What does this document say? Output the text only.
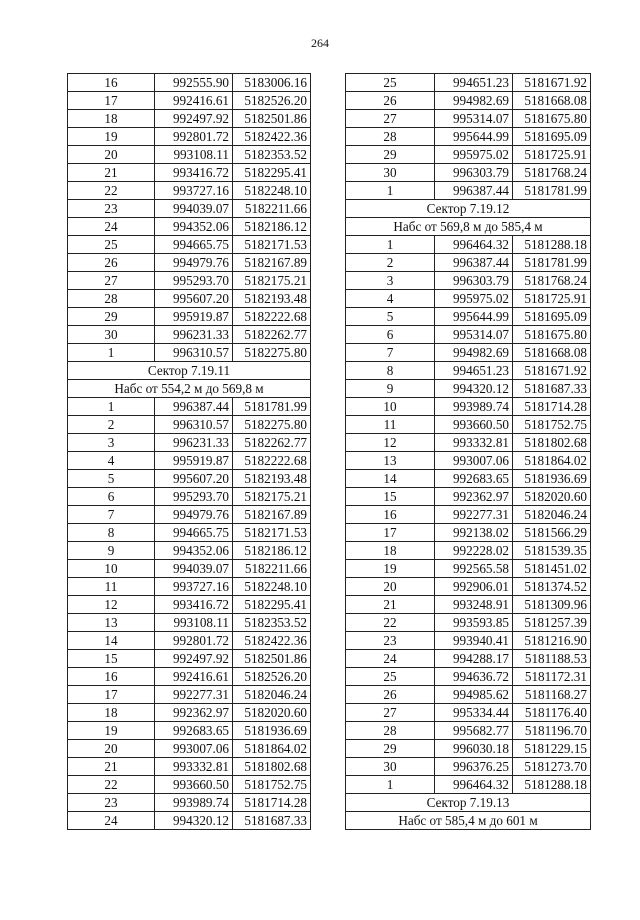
264
16	992555.90	5183006.16
17	992416.61	5182526.20
18	992497.92	5182501.86
19	992801.72	5182422.36
20	993108.11	5182353.52
21	993416.72	5182295.41
22	993727.16	5182248.10
23	994039.07	5182211.66
24	994352.06	5182186.12
25	994665.75	5182171.53
26	994979.76	5182167.89
27	995293.70	5182175.21
28	995607.20	5182193.48
29	995919.87	5182222.68
30	996231.33	5182262.77
1	996310.57	5182275.80
Сектор 7.19.11		
Набс от 554,2 м до 569,8 м		
1	996387.44	5181781.99
2	996310.57	5182275.80
3	996231.33	5182262.77
4	995919.87	5182222.68
5	995607.20	5182193.48
6	995293.70	5182175.21
7	994979.76	5182167.89
8	994665.75	5182171.53
9	994352.06	5182186.12
10	994039.07	5182211.66
11	993727.16	5182248.10
12	993416.72	5182295.41
13	993108.11	5182353.52
14	992801.72	5182422.36
15	992497.92	5182501.86
16	992416.61	5182526.20
17	992277.31	5182046.24
18	992362.97	5182020.60
19	992683.65	5181936.69
20	993007.06	5181864.02
21	993332.81	5181802.68
22	993660.50	5181752.75
23	993989.74	5181714.28
24	994320.12	5181687.33
25	994651.23	5181671.92
26	994982.69	5181668.08
27	995314.07	5181675.80
28	995644.99	5181695.09
29	995975.02	5181725.91
30	996303.79	5181768.24
1	996387.44	5181781.99
Сектор 7.19.12		
Набс от 569,8 м до 585,4 м		
1	996464.32	5181288.18
2	996387.44	5181781.99
3	996303.79	5181768.24
4	995975.02	5181725.91
5	995644.99	5181695.09
6	995314.07	5181675.80
7	994982.69	5181668.08
8	994651.23	5181671.92
9	994320.12	5181687.33
10	993989.74	5181714.28
11	993660.50	5181752.75
12	993332.81	5181802.68
13	993007.06	5181864.02
14	992683.65	5181936.69
15	992362.97	5182020.60
16	992277.31	5182046.24
17	992138.02	5181566.29
18	992228.02	5181539.35
19	992565.58	5181451.02
20	992906.01	5181374.52
21	993248.91	5181309.96
22	993593.85	5181257.39
23	993940.41	5181216.90
24	994288.17	5181188.53
25	994636.72	5181172.31
26	994985.62	5181168.27
27	995334.44	5181176.40
28	995682.77	5181196.70
29	996030.18	5181229.15
30	996376.25	5181273.70
1	996464.32	5181288.18
Сектор 7.19.13		
Набс от 585,4 м до 601 м		
